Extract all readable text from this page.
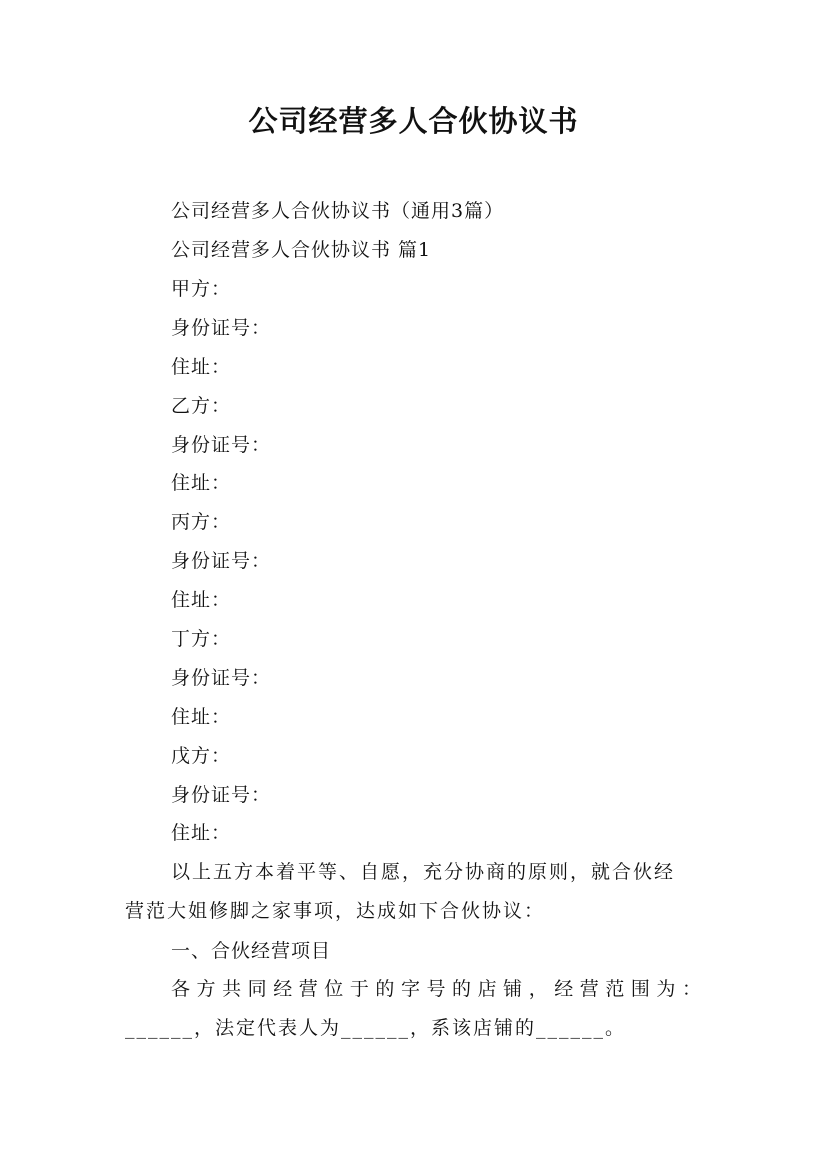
公司经营多人合伙协议书
公司经营多人合伙协议书（通用3篇）
公司经营多人合伙协议书 篇1
甲方：
身份证号：
住址：
乙方：
身份证号：
住址：
丙方：
身份证号：
住址：
丁方：
身份证号：
住址：
戊方：
身份证号：
住址：
以上五方本着平等、自愿，充分协商的原则，就合伙经
营范大姐修脚之家事项，达成如下合伙协议：
一、合伙经营项目
各方共同经营位于的字号的店铺，经营范围为：
______，法定代表人为______，系该店铺的______。
